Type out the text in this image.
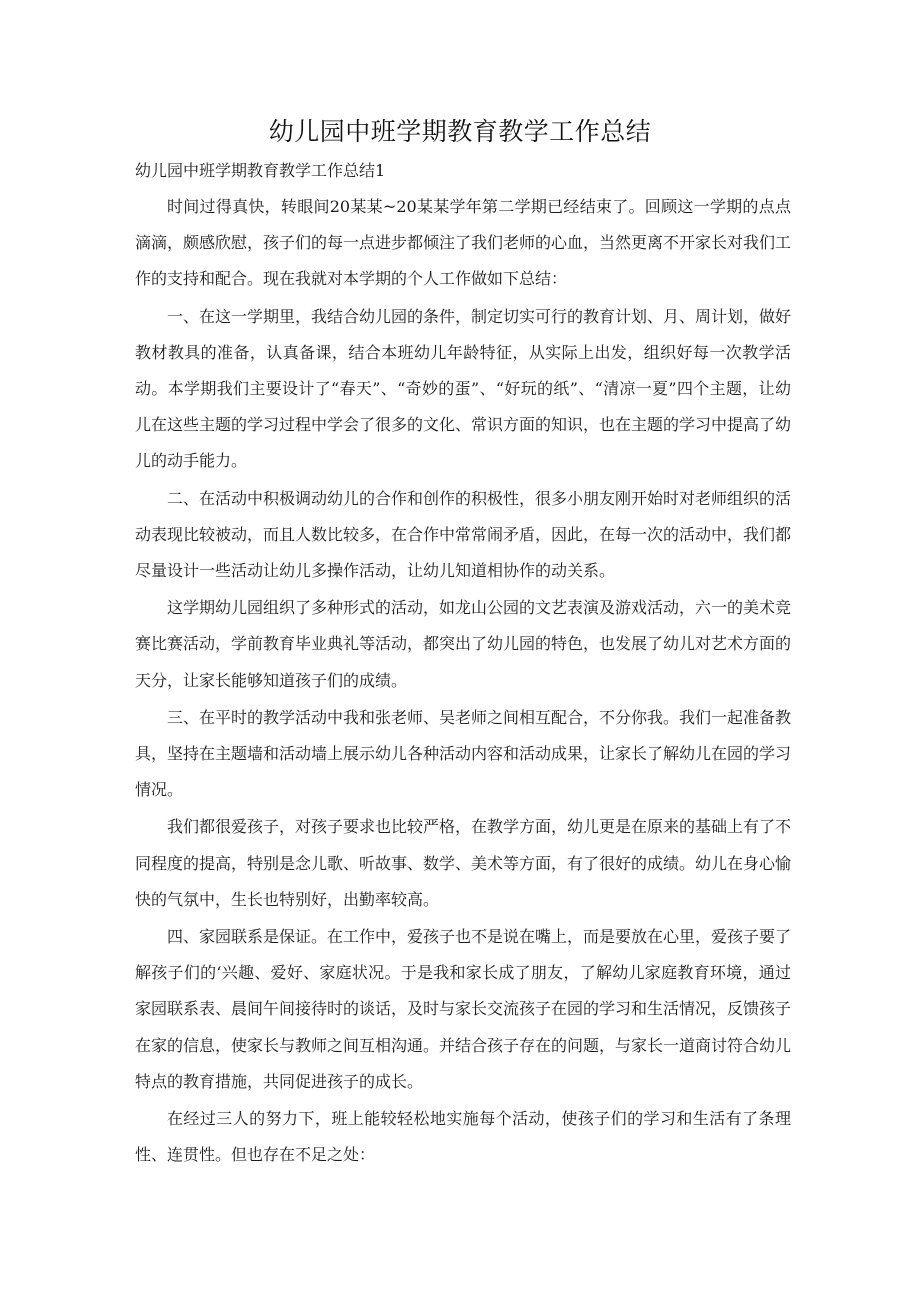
幼儿园中班学期教育教学工作总结

幼儿园中班学期教育教学工作总结1

时间过得真快，转眼间20某某~20某某学年第二学期已经结束了。回顾这一学期的点点滴滴，颇感欣慰，孩子们的每一点进步都倾注了我们老师的心血，当然更离不开家长对我们工作的支持和配合。现在我就对本学期的个人工作做如下总结：

一、在这一学期里，我结合幼儿园的条件，制定切实可行的教育计划、月、周计划，做好教材教具的准备，认真备课，结合本班幼儿年龄特征，从实际上出发，组织好每一次教学活动。本学期我们主要设计了“春天”、“奇妙的蛋”、“好玩的纸”、“清凉一夏”四个主题，让幼儿在这些主题的学习过程中学会了很多的文化、常识方面的知识，也在主题的学习中提高了幼儿的动手能力。

二、在活动中积极调动幼儿的合作和创作的积极性，很多小朋友刚开始时对老师组织的活动表现比较被动，而且人数比较多，在合作中常常闹矛盾，因此，在每一次的活动中，我们都尽量设计一些活动让幼儿多操作活动，让幼儿知道相协作的动关系。

这学期幼儿园组织了多种形式的活动，如龙山公园的文艺表演及游戏活动，六一的美术竞赛比赛活动，学前教育毕业典礼等活动，都突出了幼儿园的特色，也发展了幼儿对艺术方面的天分，让家长能够知道孩子们的成绩。

三、在平时的教学活动中我和张老师、吴老师之间相互配合，不分你我。我们一起准备教具，坚持在主题墙和活动墙上展示幼儿各种活动内容和活动成果，让家长了解幼儿在园的学习情况。

我们都很爱孩子，对孩子要求也比较严格，在教学方面，幼儿更是在原来的基础上有了不同程度的提高，特别是念儿歌、听故事、数学、美术等方面，有了很好的成绩。幼儿在身心愉快的气氛中，生长也特别好，出勤率较高。

四、家园联系是保证。在工作中，爱孩子也不是说在嘴上，而是要放在心里，爱孩子要了解孩子们的‘兴趣、爱好、家庭状况。于是我和家长成了朋友，了解幼儿家庭教育环境，通过家园联系表、晨间午间接待时的谈话，及时与家长交流孩子在园的学习和生活情况，反馈孩子在家的信息，使家长与教师之间互相沟通。并结合孩子存在的问题，与家长一道商讨符合幼儿特点的教育措施，共同促进孩子的成长。

在经过三人的努力下，班上能较轻松地实施每个活动，使孩子们的学习和生活有了条理性、连贯性。但也存在不足之处：
